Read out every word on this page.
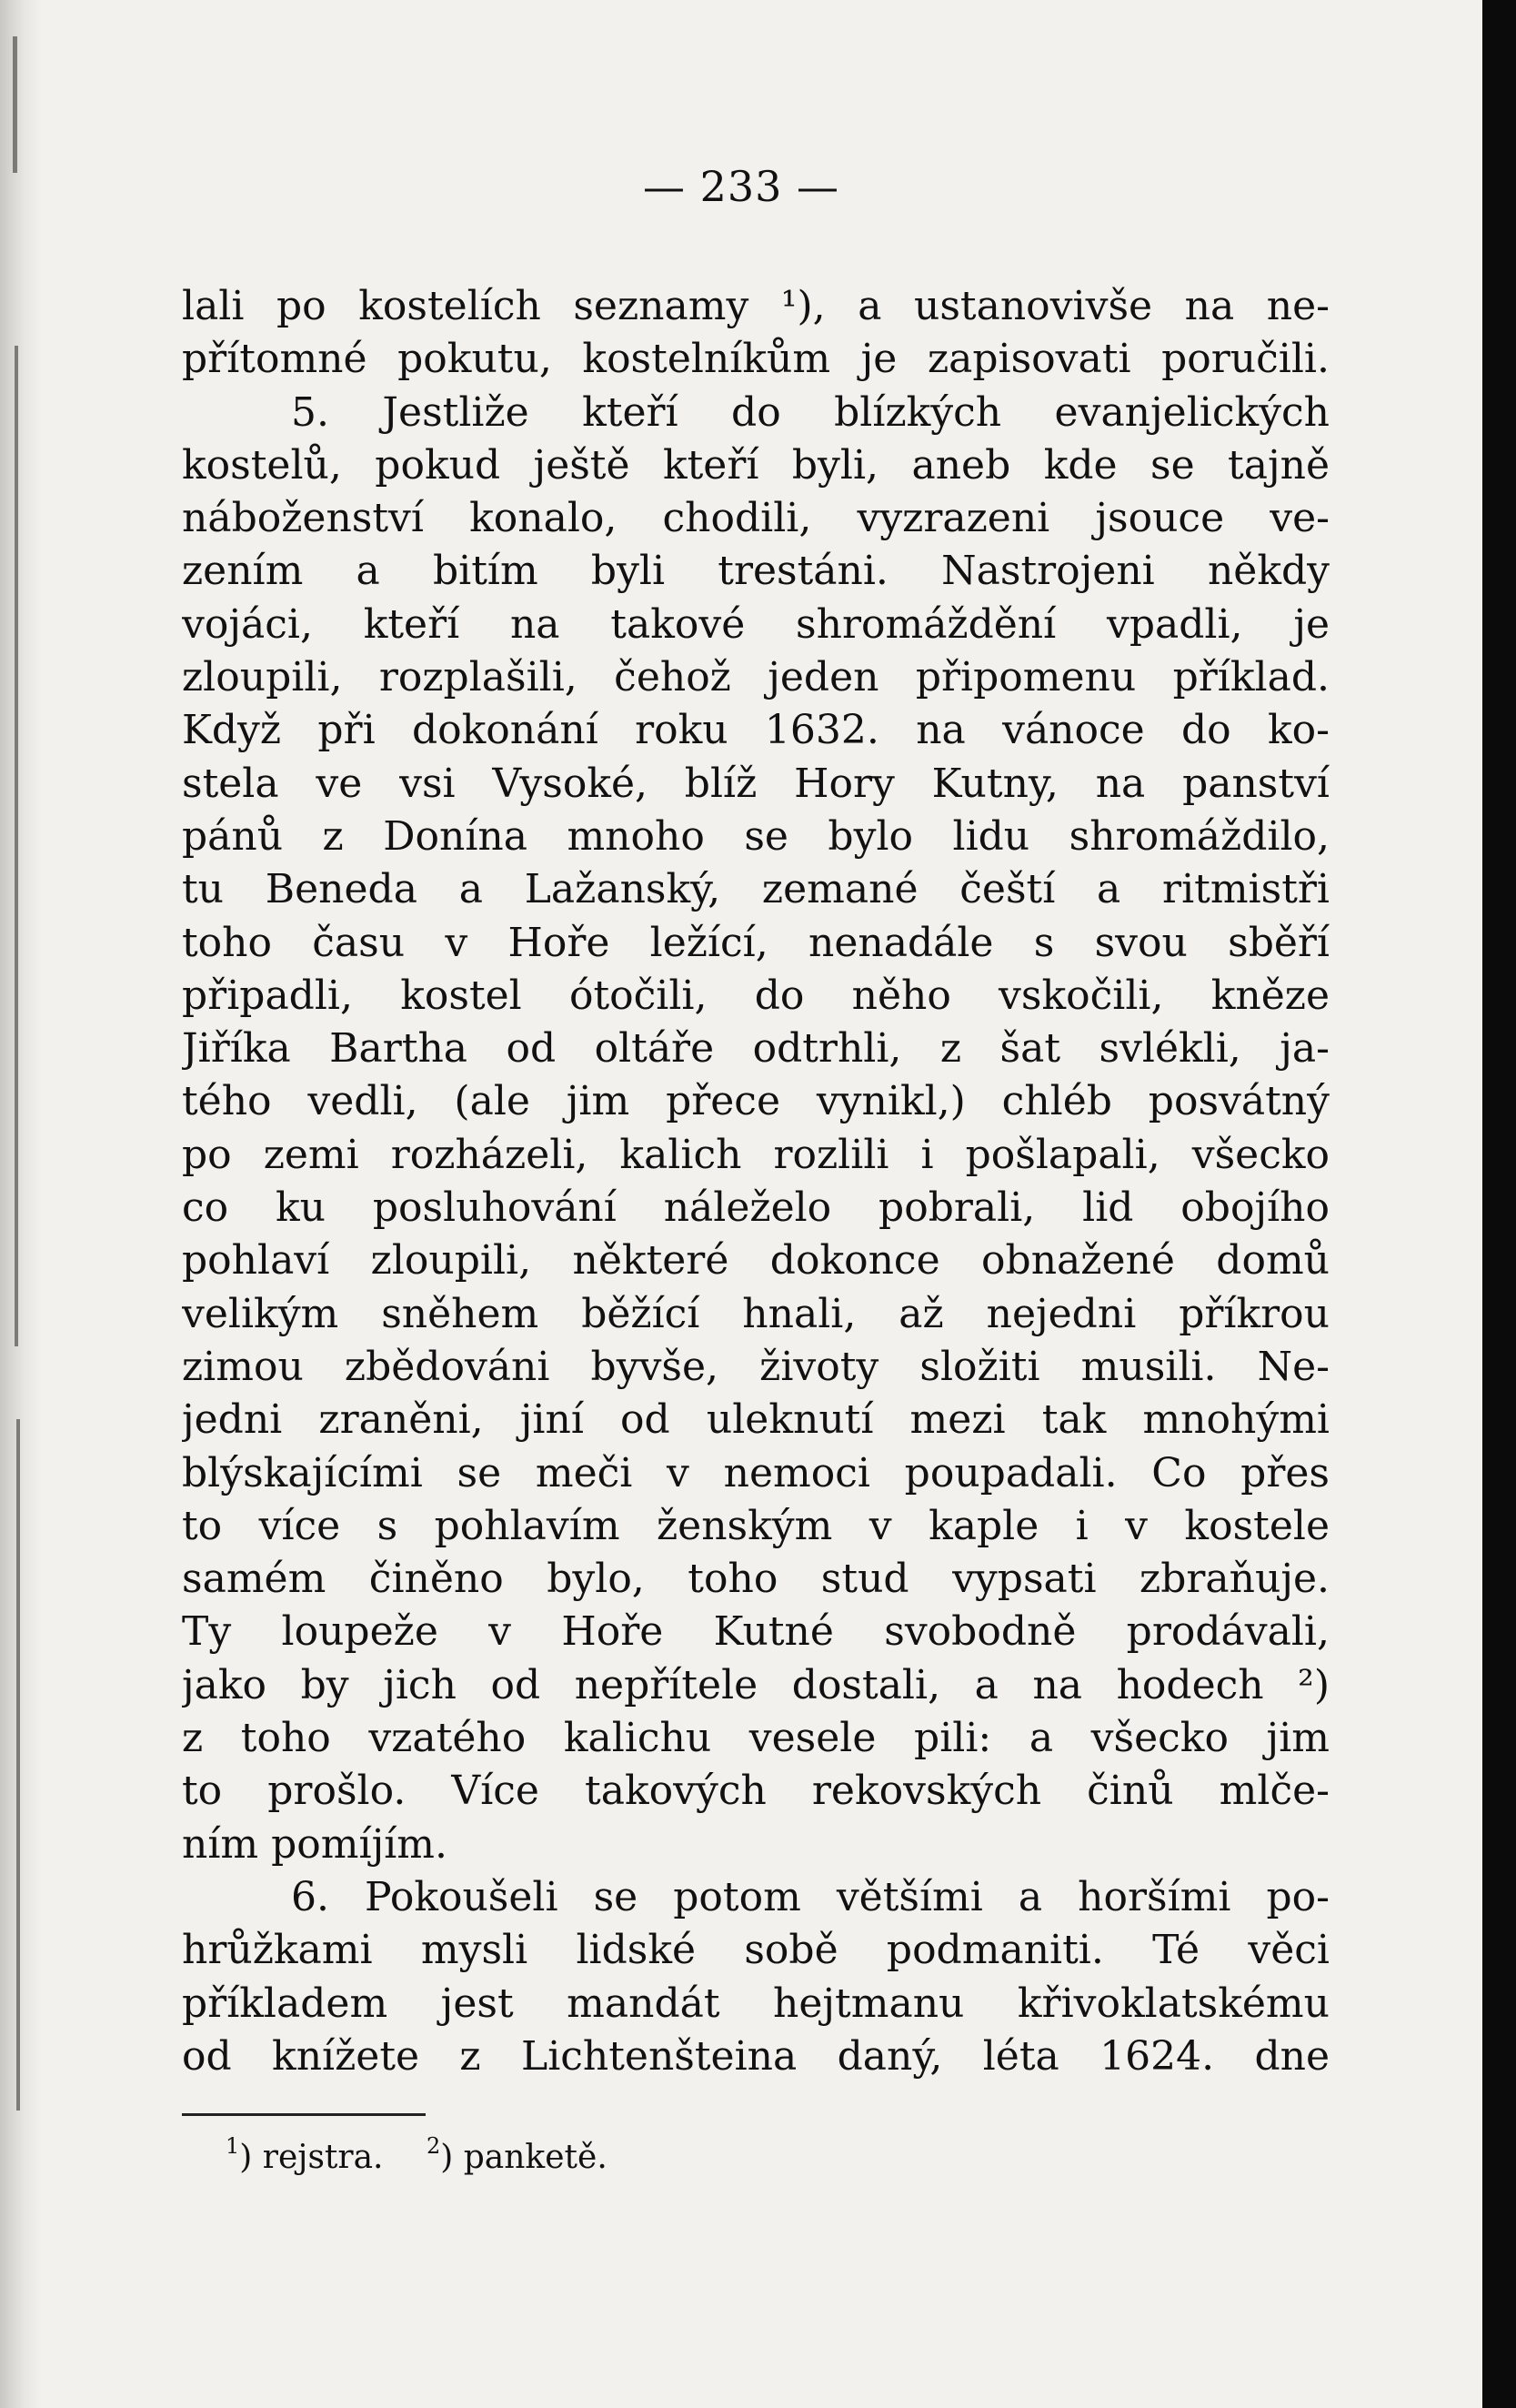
— 233 —
lali po kostelích seznamy ¹), a ustanovivše na ne-
přítomné pokutu, kostelníkům je zapisovati poručili.
5. Jestliže kteří do blízkých evanjelických
kostelů, pokud ještě kteří byli, aneb kde se tajně
náboženství konalo, chodili, vyzrazeni jsouce ve-
zením a bitím byli trestáni. Nastrojeni někdy
vojáci, kteří na takové shromáždění vpadli, je
zloupili, rozplašili, čehož jeden připomenu příklad.
Když při dokonání roku 1632. na vánoce do ko-
stela ve vsi Vysoké, blíž Hory Kutny, na panství
pánů z Donína mnoho se bylo lidu shromáždilo,
tu Beneda a Lažanský, zemané čeští a ritmistři
toho času v Hoře ležící, nenadále s svou sběří
připadli, kostel ótočili, do něho vskočili, kněze
Jiříka Bartha od oltáře odtrhli, z šat svlékli, ja-
tého vedli, (ale jim přece vynikl,) chléb posvátný
po zemi rozházeli, kalich rozlili i pošlapali, všecko
co ku posluhování náleželo pobrali, lid obojího
pohlaví zloupili, některé dokonce obnažené domů
velikým sněhem běžící hnali, až nejedni příkrou
zimou zbědováni byvše, životy složiti musili. Ne-
jedni zraněni, jiní od uleknutí mezi tak mnohými
blýskajícími se meči v nemoci poupadali. Co přes
to více s pohlavím ženským v kaple i v kostele
samém činěno bylo, toho stud vypsati zbraňuje.
Ty loupeže v Hoře Kutné svobodně prodávali,
jako by jich od nepřítele dostali, a na hodech ²)
z toho vzatého kalichu vesele pili: a všecko jim
to prošlo. Více takových rekovských činů mlče-
ním pomíjím.
6. Pokoušeli se potom většími a horšími po-
hrůžkami mysli lidské sobě podmaniti. Té věci
příkladem jest mandát hejtmanu křivoklatskému
od knížete z Lichtenšteina daný, léta 1624. dne
$^1$) rejstra. $^2$) panketě.
